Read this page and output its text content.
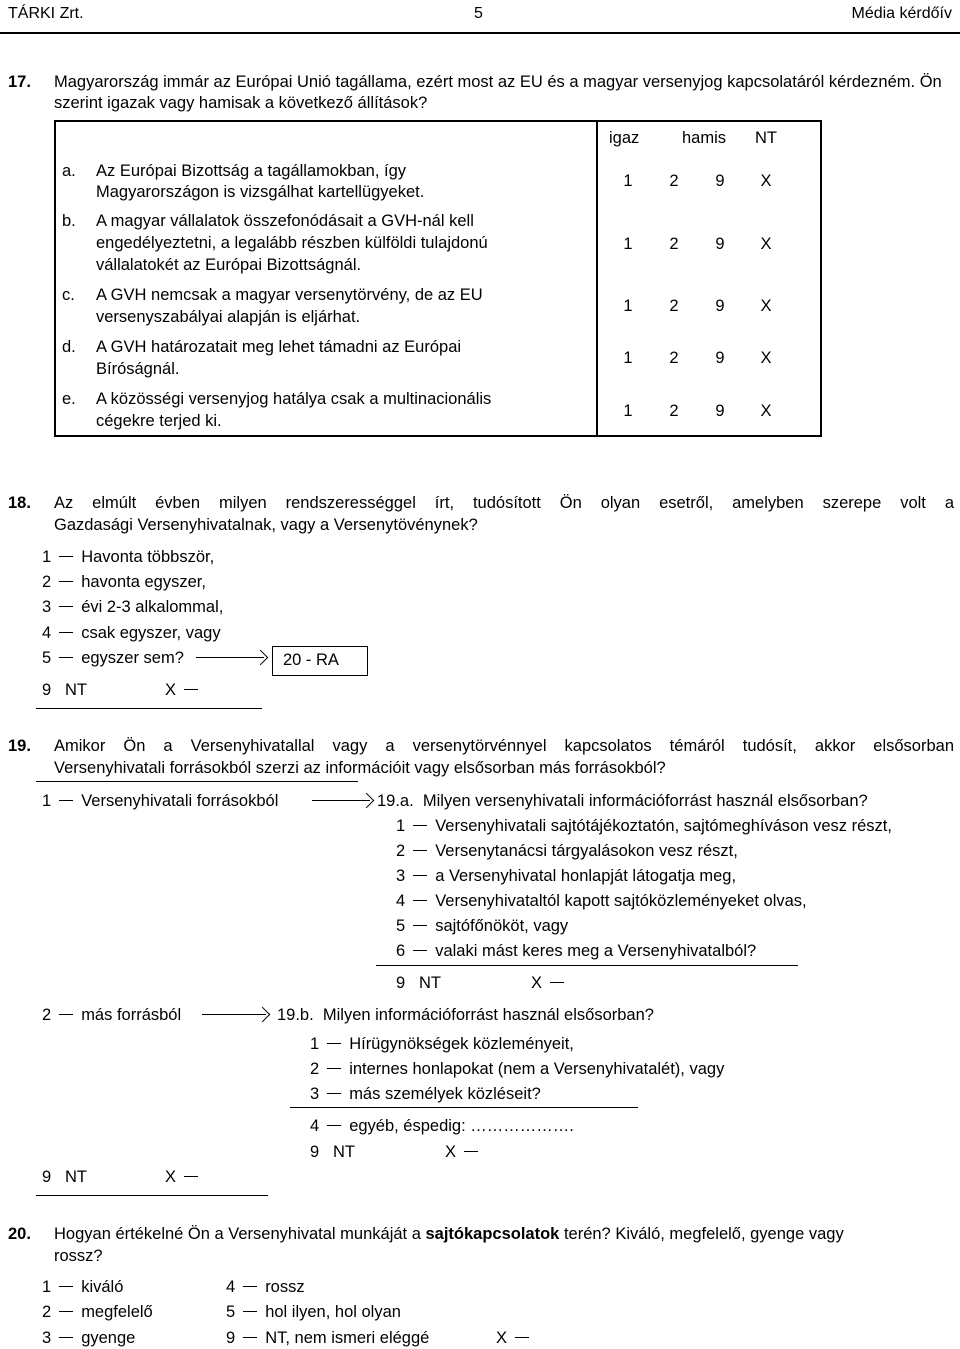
TÁRKI Zrt.	5	Média kérdőív
17. Magyarország immár az Európai Unió tagállama, ezért most az EU és a magyar versenyjog kapcsolatáról kérdezném. Ön szerint igazak vagy hamisak a következő állítások?
igaz	hamis NT
a. Az Európai Bizottság a tagállamokban, így
Magyarországon is vizsgálhat kartellügyeket.
1 2 9 X
b. A magyar vállalatok összefonódásait a GVH-nál kell
engedélyeztetni, a legalább részben külföldi tulajdonú
vállalatokét az Európai Bizottságnál.
1 2 9 X
c. A GVH nemcsak a magyar versenytörvény, de az EU
versenyszabályai alapján is eljárhat.
1 2 9 X
d. A GVH határozatait meg lehet támadni az Európai
Bíróságnál.
1 2 9 X
e. A közösségi versenyjog hatálya csak a multinacionális
cégekre terjed ki.
1 2 9 X
18. Az elmúlt évben milyen rendszerességgel írt, tudósított Ön olyan esetről, amelyben szerepe volt a
Gazdasági Versenyhivatalnak, vagy a Versenytövénynek?
1 Havonta többször,
2 havonta egyszer,
3 évi 2-3 alkalommal,
4 csak egyszer, vagy
5 egyszer sem?	20 - RA
9 NT	X
19. Amikor Ön a Versenyhivatallal vagy a versenytörvénnyel kapcsolatos témáról tudósít, akkor elsősorban
Versenyhivatali forrásokból szerzi az információit vagy elsősorban más forrásokból?
1 Versenyhivatali forrásokból	19.a. Milyen versenyhivatali információforrást használ elsősorban?
1 Versenyhivatali sajtótájékoztatón, sajtómeghíváson vesz részt,
2 Versenytanácsi tárgyalásokon vesz részt,
3 a Versenyhivatal honlapját látogatja meg,
4 Versenyhivataltól kapott sajtóközleményeket olvas,
5 sajtófőnököt, vagy
6 valaki mást keres meg a Versenyhivatalból?
9 NT	X
2 más forrásból	19.b. Milyen információforrást használ elsősorban?
1 Hírügynökségek közleményeit,
2 internes honlapokat (nem a Versenyhivatalét), vagy
3 más személyek közléseit?
4 egyéb, éspedig: ……………….
9 NT	X
9 NT	X
20. Hogyan értékelné Ön a Versenyhivatal munkáját a sajtókapcsolatok terén? Kiváló, megfelelő, gyenge vagy
rossz?
1 kiváló
2 megfelelő
3 gyenge
4 rossz
5 hol ilyen, hol olyan
9 NT, nem ismeri eléggé	X
